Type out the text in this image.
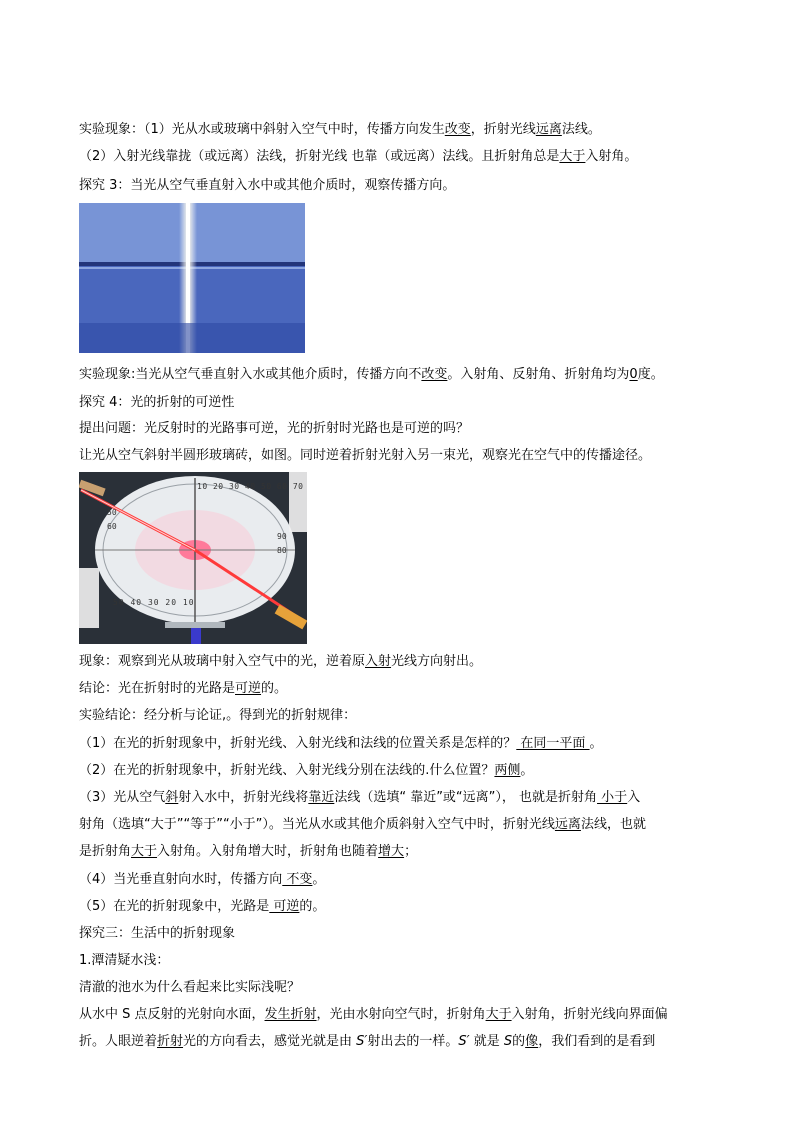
实验现象：（1）光从水或玻璃中斜射入空气中时，传播方向发生改变，折射光线远离法线。
（2）入射光线靠拢（或远离）法线，折射光线 也靠（或远离）法线。且折射角总是大于入射角。
探究 3：当光从空气垂直射入水中或其他介质时，观察传播方向。
实验现象:当光从空气垂直射入水或其他介质时，传播方向不改变。入射角、反射角、折射角均为0度。
探究 4：光的折射的可逆性
提出问题：光反射时的光路事可逆，光的折射时光路也是可逆的吗？
让光从空气斜射半圆形玻璃砖，如图。同时逆着折射光射入另一束光，观察光在空气中的传播途径。
10 20 30 40 50 60 70
90
80
50
60
50 40 30 20 10
现象：观察到光从玻璃中射入空气中的光，逆着原入射光线方向射出。
结论：光在折射时的光路是可逆的。
实验结论：经分析与论证,。得到光的折射规律：
（1）在光的折射现象中，折射光线、入射光线和法线的位置关系是怎样的？ 在同一平面 。
（2）在光的折射现象中，折射光线、入射光线分别在法线的.什么位置？两侧。
（3）光从空气斜射入水中，折射光线将靠近法线（选填“ 靠近”或“远离”）， 也就是折射角 小于入
射角（选填“大于”“等于”“小于”）。当光从水或其他介质斜射入空气中时，折射光线远离法线，也就
是折射角大于入射角。入射角增大时，折射角也随着增大；
（4）当光垂直射向水时，传播方向 不变。
（5）在光的折射现象中，光路是 可逆的。
探究三：生活中的折射现象
1.潭清疑水浅：
清澈的池水为什么看起来比实际浅呢？
从水中 S 点反射的光射向水面，发生折射，光由水射向空气时，折射角大于入射角，折射光线向界面偏
折。人眼逆着折射光的方向看去，感觉光就是由 S′射出去的一样。S′ 就是 S的像，我们看到的是看到
